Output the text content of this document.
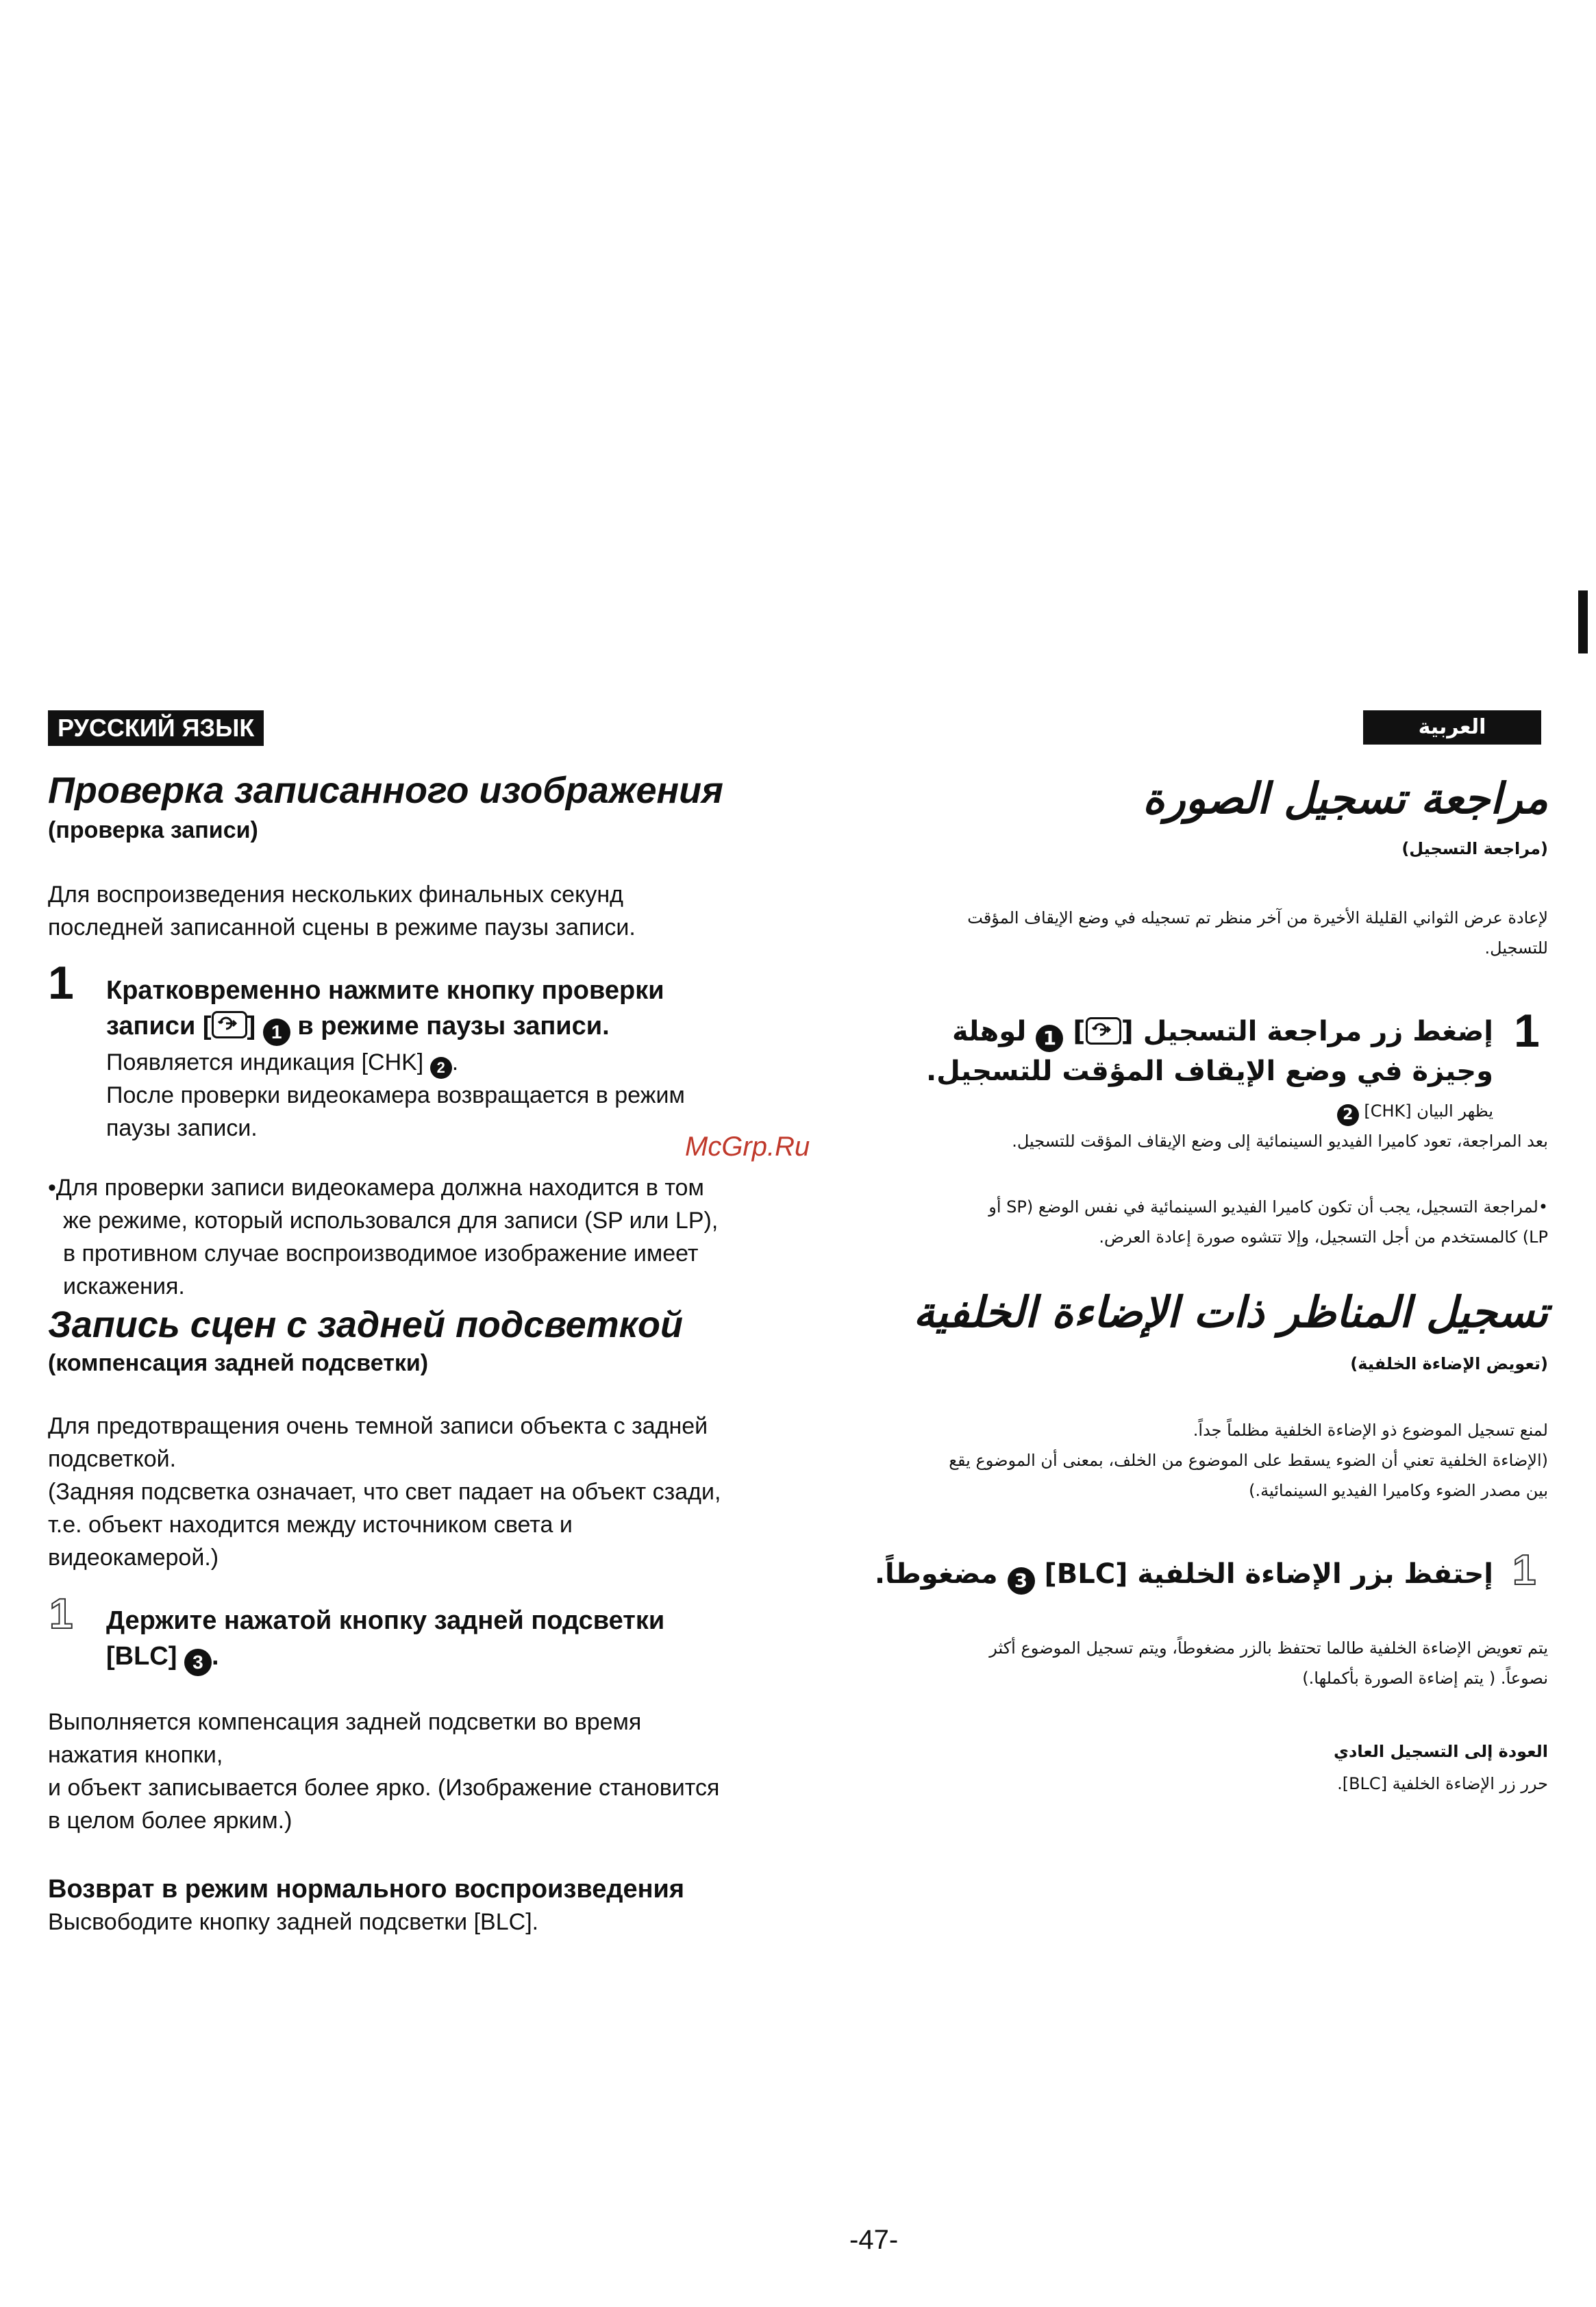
РУССКИЙ ЯЗЫК
Проверка записанного изображения
(проверка записи)
Для воспроизведения нескольких финальных секунд
последней записанной сцены в режиме паузы записи.
1 Кратковременно нажмите кнопку проверки
записи [ ] 1 в режиме паузы записи.
Появляется индикация [CHK] 2 .
После проверки видеокамера возвращается в режим
паузы записи.
•Для проверки записи видеокамера должна находится в том
же режиме, который использовался для записи (SP или LP),
в противном случае воспроизводимое изображение имеет
искажения.
Запись сцен с задней подсветкой
(компенсация задней подсветки)
Для предотвращения очень темной записи объекта с задней
подсветкой.
(Задняя подсветка означает, что свет падает на объект сзади,
т.е. объект находится между источником света и
видеокамерой.)
1 Держите нажатой кнопку задней подсветки
[BLC] 3 .
Выполняется компенсация задней подсветки во время
нажатия кнопки,
и объект записывается более ярко. (Изображение становится
в целом более ярким.)
Возврат в режим нормального воспроизведения
Высвободите кнопку задней подсветки [BLC].
McGrp.Ru
العربية
مراجعة تسجيل الصورة
(مراجعة التسجيل)
لإعادة عرض الثواني القليلة الأخيرة من آخر منظر تم تسجيله في وضع الإيقاف المؤقت
للتسجيل.
1
إضغط زر مراجعة التسجيل [
] 1 لوهلة
وجيزة في وضع الإيقاف المؤقت للتسجيل.
يظهر البيان [CHK] 2
بعد المراجعة، تعود كاميرا الفيديو السينمائية إلى وضع الإيقاف المؤقت للتسجيل.
•لمراجعة التسجيل، يجب أن تكون كاميرا الفيديو السينمائية في نفس الوضع (SP أو
LP) كالمستخدم من أجل التسجيل، وإلا تتشوه صورة إعادة العرض.
تسجيل المناظر ذات الإضاءة الخلفية
(تعويض الإضاءة الخلفية)
لمنع تسجيل الموضوع ذو الإضاءة الخلفية مظلماً جداً.
(الإضاءة الخلفية تعني أن الضوء يسقط على الموضوع من الخلف، بمعنى أن الموضوع يقع
بين مصدر الضوء وكاميرا الفيديو السينمائية.)
1
إحتفظ بزر الإضاءة الخلفية [BLC] 3 مضغوطاً.
يتم تعويض الإضاءة الخلفية طالما تحتفظ بالزر مضغوطاً، ويتم تسجيل الموضوع أكثر
نصوعاً. ( يتم إضاءة الصورة بأكملها.)
العودة إلى التسجيل العادي
حرر زر الإضاءة الخلفية [BLC].
-47-
